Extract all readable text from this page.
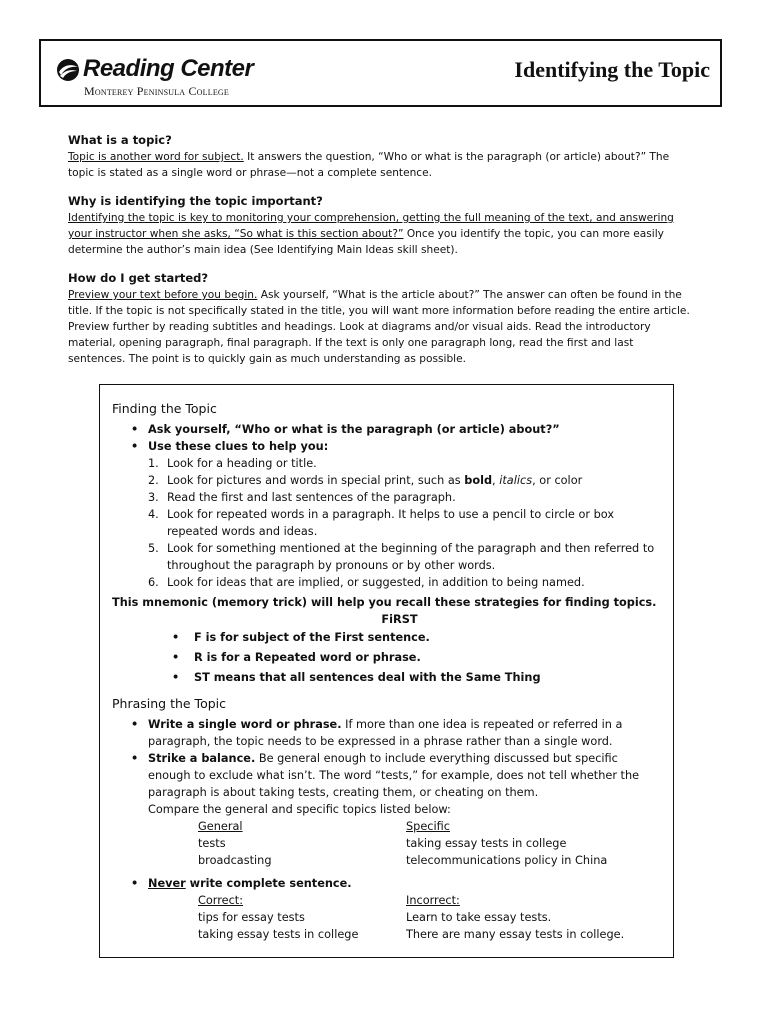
Reading Center
Monterey Peninsula College
Identifying the Topic
What is a topic?

Topic is another word for subject. It answers the question, “Who or what is the paragraph (or article) about?” The topic is stated as a single word or phrase—not a complete sentence.

Why is identifying the topic important?

Identifying the topic is key to monitoring your comprehension, getting the full meaning of the text, and answering your instructor when she asks, “So what is this section about?” Once you identify the topic, you can more easily determine the author’s main idea (See Identifying Main Ideas skill sheet).

How do I get started?

Preview your text before you begin. Ask yourself, “What is the article about?” The answer can often be found in the title. If the topic is not specifically stated in the title, you will want more information before reading the entire article. Preview further by reading subtitles and headings. Look at diagrams and/or visual aids. Read the introductory material, opening paragraph, final paragraph. If the text is only one paragraph long, read the first and last sentences. The point is to quickly gain as much understanding as possible.

Finding the Topic
• Ask yourself, “Who or what is the paragraph (or article) about?”
• Use these clues to help you:
1. Look for a heading or title.
2. Look for pictures and words in special print, such as bold, italics, or color
3. Read the first and last sentences of the paragraph.
4. Look for repeated words in a paragraph. It helps to use a pencil to circle or box repeated words and ideas.
5. Look for something mentioned at the beginning of the paragraph and then referred to throughout the paragraph by pronouns or by other words.
6. Look for ideas that are implied, or suggested, in addition to being named.
This mnemonic (memory trick) will help you recall these strategies for finding topics.
FiRST
• F is for subject of the First sentence.
• R is for a Repeated word or phrase.
• ST means that all sentences deal with the Same Thing
Phrasing the Topic
• Write a single word or phrase. If more than one idea is repeated or referred in a paragraph, the topic needs to be expressed in a phrase rather than a single word.
• Strike a balance. Be general enough to include everything discussed but specific enough to exclude what isn’t. The word “tests,” for example, does not tell whether the paragraph is about taking tests, creating them, or cheating on them.
Compare the general and specific topics listed below:
General	Specific
tests	taking essay tests in college
broadcasting	telecommunications policy in China
• Never write complete sentence.
Correct:	Incorrect:
tips for essay tests	Learn to take essay tests.
taking essay tests in college	There are many essay tests in college.
